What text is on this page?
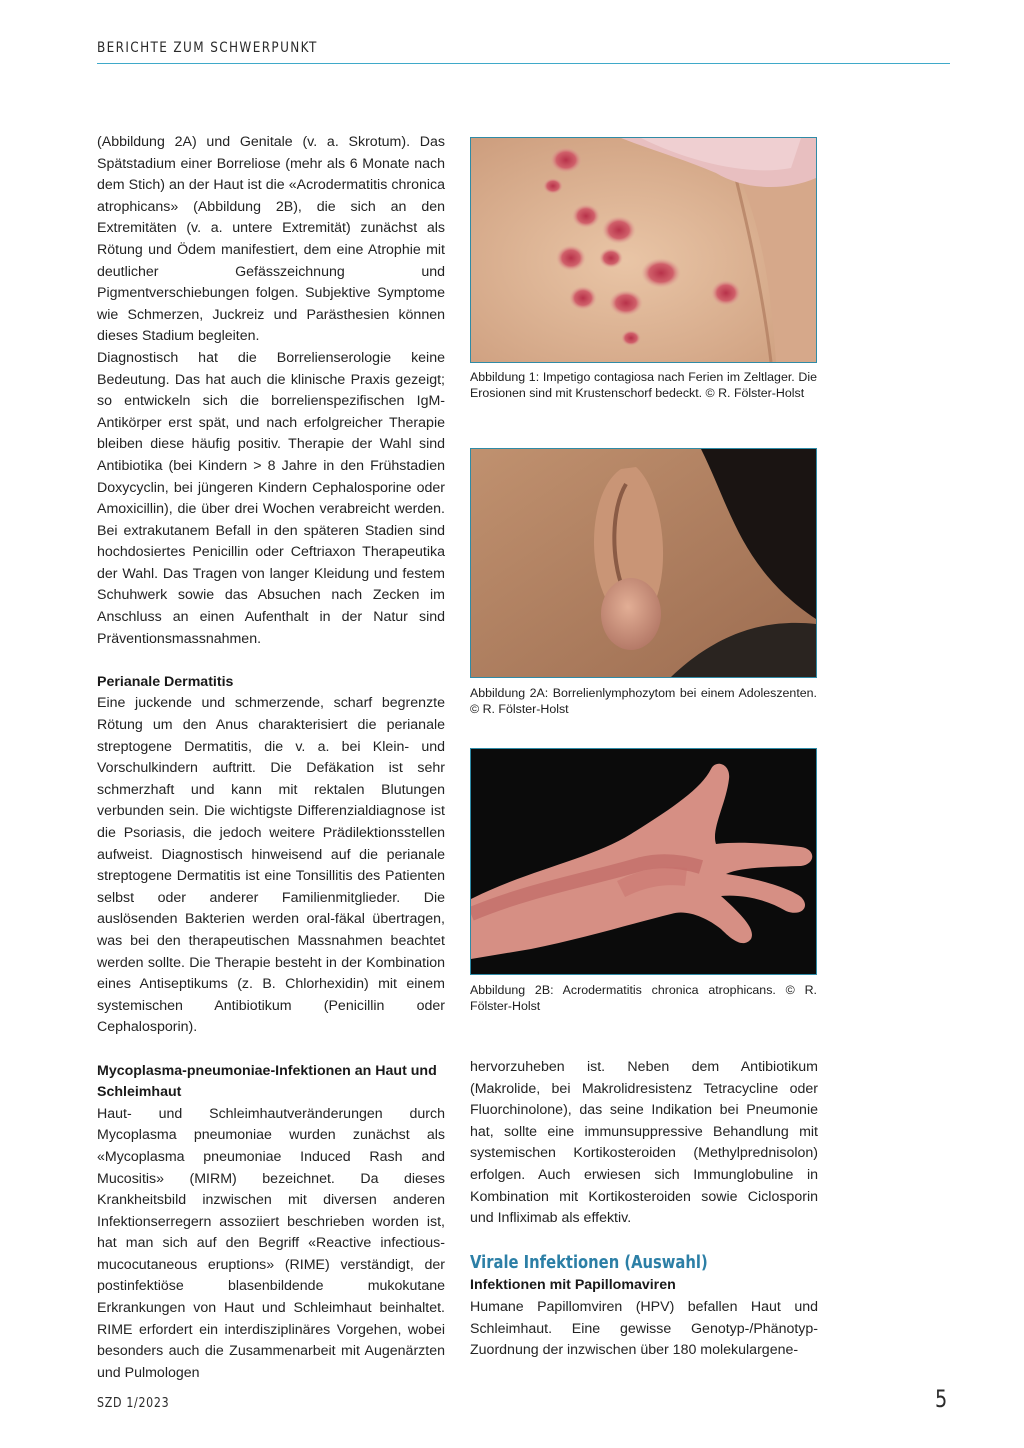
BERICHTE ZUM SCHWERPUNKT

(Abbildung 2A) und Genitale (v. a. Skrotum). Das Spätstadium einer Borreliose (mehr als 6 Monate nach dem Stich) an der Haut ist die «Acrodermatitis chronica atrophicans» (Abbildung 2B), die sich an den Extremitäten (v. a. untere Extremität) zunächst als Rötung und Ödem manifestiert, dem eine Atrophie mit deutlicher Gefässzeichnung und Pigmentverschiebungen folgen. Subjektive Symptome wie Schmerzen, Juckreiz und Parästhesien können dieses Stadium begleiten.

Diagnostisch hat die Borrelienserologie keine Bedeutung. Das hat auch die klinische Praxis gezeigt; so entwickeln sich die borrelienspezifischen IgM-Antikörper erst spät, und nach erfolgreicher Therapie bleiben diese häufig positiv. Therapie der Wahl sind Antibiotika (bei Kindern > 8 Jahre in den Frühstadien Doxycyclin, bei jüngeren Kindern Cephalosporine oder Amoxicillin), die über drei Wochen verabreicht werden. Bei extrakutanem Befall in den späteren Stadien sind hochdosiertes Penicillin oder Ceftriaxon Therapeutika der Wahl. Das Tragen von langer Kleidung und festem Schuhwerk sowie das Absuchen nach Zecken im Anschluss an einen Aufenthalt in der Natur sind Präventionsmassnahmen.

Perianale Dermatitis

Eine juckende und schmerzende, scharf begrenzte Rötung um den Anus charakterisiert die perianale streptogene Dermatitis, die v. a. bei Klein- und Vorschulkindern auftritt. Die Defäkation ist sehr schmerzhaft und kann mit rektalen Blutungen verbunden sein. Die wichtigste Differenzialdiagnose ist die Psoriasis, die jedoch weitere Prädilektionsstellen aufweist. Diagnostisch hinweisend auf die perianale streptogene Dermatitis ist eine Tonsillitis des Patienten selbst oder anderer Familienmitglieder. Die auslösenden Bakterien werden oral-fäkal übertragen, was bei den therapeutischen Massnahmen beachtet werden sollte. Die Therapie besteht in der Kombination eines Antiseptikums (z. B. Chlorhexidin) mit einem systemischen Antibiotikum (Penicillin oder Cephalosporin).

Mycoplasma-pneumoniae-Infektionen an Haut und Schleimhaut

Haut- und Schleimhautveränderungen durch Mycoplasma pneumoniae wurden zunächst als «Mycoplasma pneumoniae Induced Rash and Mucositis» (MIRM) bezeichnet. Da dieses Krankheitsbild inzwischen mit diversen anderen Infektionserregern assoziiert beschrieben worden ist, hat man sich auf den Begriff «Reactive infectious-mucocutaneous eruptions» (RIME) verständigt, der postinfektiöse blasenbildende mukokutane Erkrankungen von Haut und Schleimhaut beinhaltet. RIME erfordert ein interdisziplinäres Vorgehen, wobei besonders auch die Zusammenarbeit mit Augenärzten und Pulmologen

Abbildung 1: Impetigo contagiosa nach Ferien im Zeltlager. Die Erosionen sind mit Krustenschorf bedeckt. © R. Fölster-Holst
Abbildung 2A: Borrelienlymphozytom bei einem Adoleszenten. © R. Fölster-Holst
Abbildung 2B: Acrodermatitis chronica atrophicans. © R. Fölster-Holst

hervorzuheben ist. Neben dem Antibiotikum (Makrolide, bei Makrolidresistenz Tetracycline oder Fluorchinolone), das seine Indikation bei Pneumonie hat, sollte eine immunsuppressive Behandlung mit systemischen Kortikosteroiden (Methylprednisolon) erfolgen. Auch erwiesen sich Immunglobuline in Kombination mit Kortikosteroiden sowie Ciclosporin und Infliximab als effektiv.

Virale Infektionen (Auswahl)
Infektionen mit Papillomaviren

Humane Papillomviren (HPV) befallen Haut und Schleimhaut. Eine gewisse Genotyp-/Phänotyp-Zuordnung der inzwischen über 180 molekulargene-

SZD 1/2023	5
